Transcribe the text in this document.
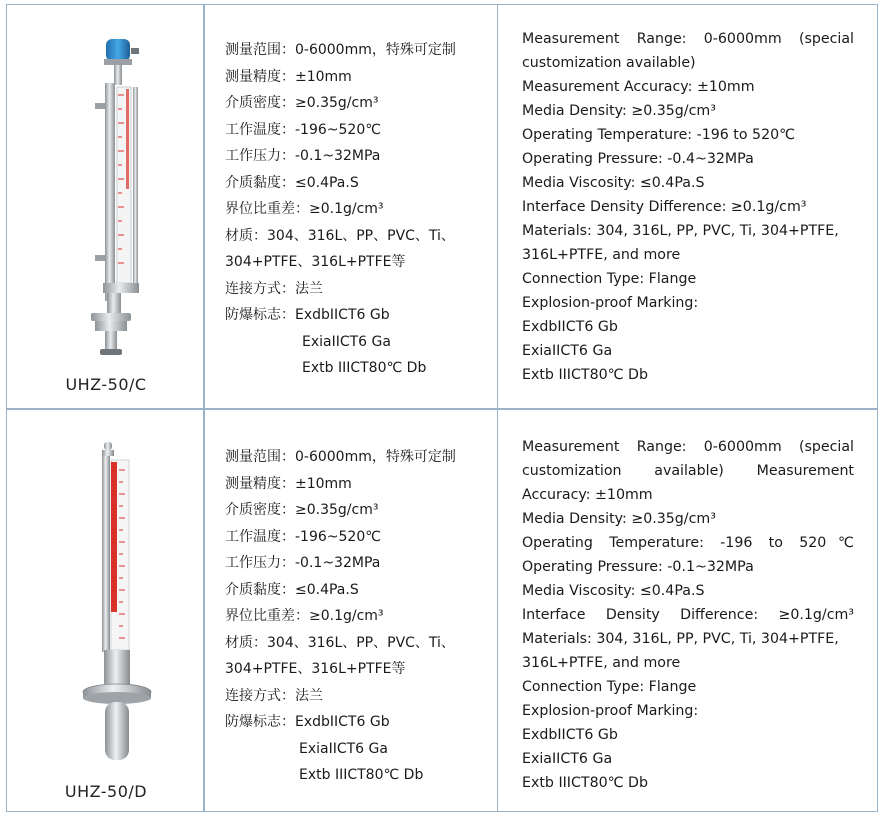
UHZ-50/C
测量范围：0-6000mm，特殊可定制
测量精度：±10mm
介质密度：≥0.35g/cm³
工作温度：-196~520℃
工作压力：-0.1~32MPa
介质黏度：≤0.4Pa.S
界位比重差：≥0.1g/cm³
材质：304、316L、PP、PVC、Ti、
304+PTFE、316L+PTFE等
连接方式：法兰
防爆标志：ExdbIICT6 Gb
ExiaIICT6 Ga
Extb IIICT80℃ Db
Measurement Range: 0-6000mm (special
customization available)
Measurement Accuracy: ±10mm
Media Density: ≥0.35g/cm³
Operating Temperature: -196 to 520℃
Operating Pressure: -0.4~32MPa
Media Viscosity: ≤0.4Pa.S
Interface Density Difference: ≥0.1g/cm³
Materials: 304, 316L, PP, PVC, Ti, 304+PTFE,
316L+PTFE, and more
Connection Type: Flange
Explosion-proof Marking:
ExdbIICT6 Gb
ExiaIICT6 Ga
Extb IIICT80℃ Db
UHZ-50/D
测量范围：0-6000mm，特殊可定制
测量精度：±10mm
介质密度：≥0.35g/cm³
工作温度：-196~520℃
工作压力：-0.1~32MPa
介质黏度：≤0.4Pa.S
界位比重差：≥0.1g/cm³
材质：304、316L、PP、PVC、Ti、
304+PTFE、316L+PTFE等
连接方式：法兰
防爆标志：ExdbIICT6 Gb
ExiaIICT6 Ga
Extb IIICT80℃ Db
Measurement Range: 0-6000mm (special
customization available) Measurement
Accuracy: ±10mm
Media Density: ≥0.35g/cm³
Operating Temperature: -196 to 520℃
Operating Pressure: -0.1~32MPa
Media Viscosity: ≤0.4Pa.S
Interface Density Difference: ≥0.1g/cm³
Materials: 304, 316L, PP, PVC, Ti, 304+PTFE,
316L+PTFE, and more
Connection Type: Flange
Explosion-proof Marking:
ExdbIICT6 Gb
ExiaIICT6 Ga
Extb IIICT80℃ Db
